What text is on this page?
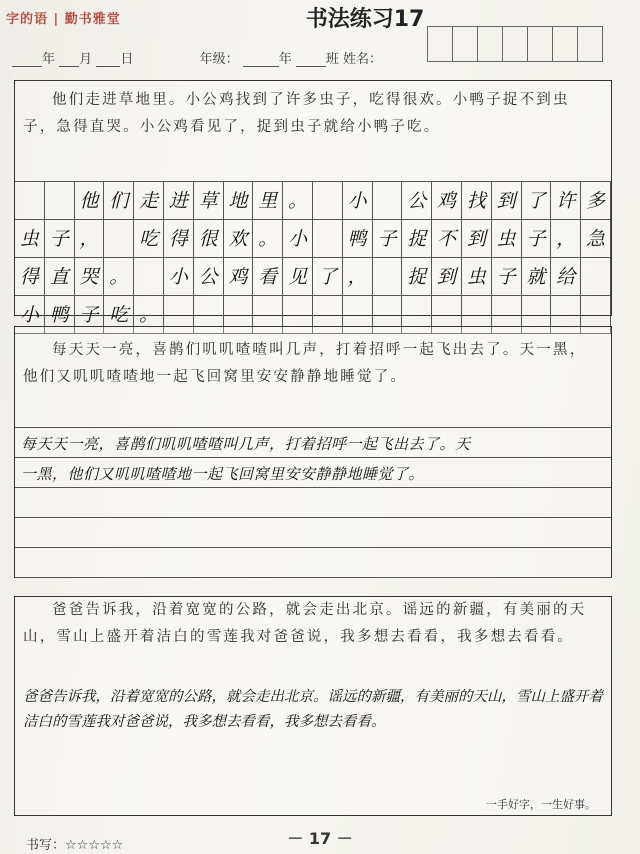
字的语 | 勤书雅堂	书法练习17
年 月 日	年级：	年	班 姓名：
他们走进草地里。小公鸡找到了许多虫子，吃得很欢。小鸭子捉不到虫子，急得直哭。小公鸡看见了，捉到虫子就给小鸭子吃。
他 们 走 进 草 地 里 。	小	公 鸡 找 到 了 许 多
虫 子 ，	吃 得 很 欢 。 小	鸭 子 捉 不 到 虫 子 ， 急
得 直 哭 。	小 公 鸡 看 见 了 ，	捉 到 虫 子 就 给
小 鸭 子 吃 。
每天天一亮，喜鹊们叽叽喳喳叫几声，打着招呼一起飞出去了。天一黑，他们又叽叽喳喳地一起飞回窝里安安静静地睡觉了。
每天天一亮，喜鹊们叽叽喳喳叫几声，打着招呼一起飞出去了。天
一黑，他们又叽叽喳喳地一起飞回窝里安安静静地睡觉了。
爸爸告诉我，沿着宽宽的公路，就会走出北京。谣远的新疆，有美丽的天山，雪山上盛开着洁白的雪莲我对爸爸说，我多想去看看，我多想去看看。
爸爸告诉我，沿着宽宽的公路，就会走出北京。谣远的新疆，有美丽的天山，雪山上盛开着洁白的雪莲我对爸爸说，我多想去看看，我多想去看看。
一手好字，一生好事。
－ 17 －
书写：☆☆☆☆☆
